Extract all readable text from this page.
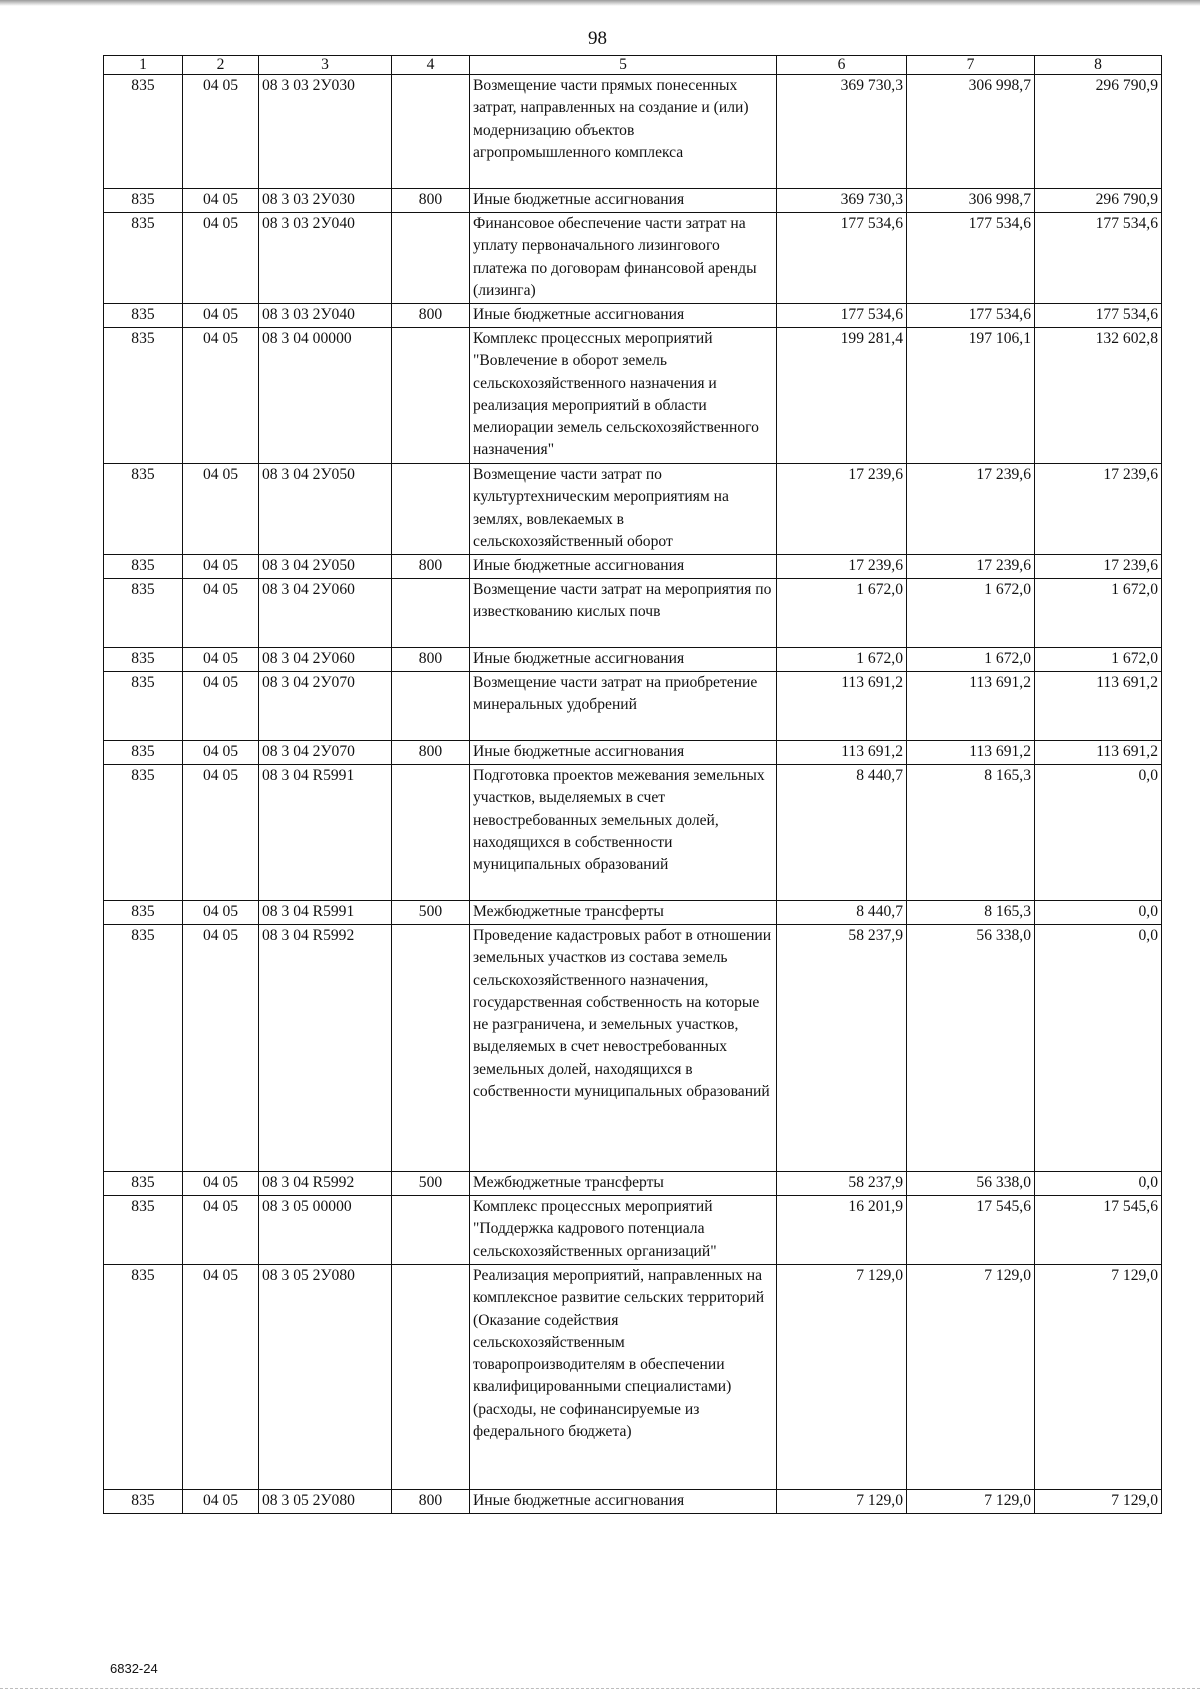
98
1	2	3	4	5	6	7	8
835	04 05	08 3 03 2У030		Возмещение части прямых понесенных затрат, направленных на создание и (или) модернизацию объектов агропромышленного комплекса	369 730,3	306 998,7	296 790,9
835	04 05	08 3 03 2У030	800	Иные бюджетные ассигнования	369 730,3	306 998,7	296 790,9
835	04 05	08 3 03 2У040		Финансовое обеспечение части затрат на уплату первоначального лизингового платежа по договорам финансовой аренды (лизинга)	177 534,6	177 534,6	177 534,6
835	04 05	08 3 03 2У040	800	Иные бюджетные ассигнования	177 534,6	177 534,6	177 534,6
835	04 05	08 3 04 00000		Комплекс процессных мероприятий "Вовлечение в оборот земель сельскохозяйственного назначения и реализация мероприятий в области мелиорации земель сельскохозяйственного назначения"	199 281,4	197 106,1	132 602,8
835	04 05	08 3 04 2У050		Возмещение части затрат по культуртехническим мероприятиям на землях, вовлекаемых в сельскохозяйственный оборот	17 239,6	17 239,6	17 239,6
835	04 05	08 3 04 2У050	800	Иные бюджетные ассигнования	17 239,6	17 239,6	17 239,6
835	04 05	08 3 04 2У060		Возмещение части затрат на мероприятия по известкованию кислых почв	1 672,0	1 672,0	1 672,0
835	04 05	08 3 04 2У060	800	Иные бюджетные ассигнования	1 672,0	1 672,0	1 672,0
835	04 05	08 3 04 2У070		Возмещение части затрат на приобретение минеральных удобрений	113 691,2	113 691,2	113 691,2
835	04 05	08 3 04 2У070	800	Иные бюджетные ассигнования	113 691,2	113 691,2	113 691,2
835	04 05	08 3 04 R5991		Подготовка проектов межевания земельных участков, выделяемых в счет невостребованных земельных долей, находящихся в собственности муниципальных образований	8 440,7	8 165,3	0,0
835	04 05	08 3 04 R5991	500	Межбюджетные трансферты	8 440,7	8 165,3	0,0
835	04 05	08 3 04 R5992		Проведение кадастровых работ в отношении земельных участков из состава земель сельскохозяйственного назначения, государственная собственность на которые не разграничена, и земельных участков, выделяемых в счет невостребованных земельных долей, находящихся в собственности муниципальных образований	58 237,9	56 338,0	0,0
835	04 05	08 3 04 R5992	500	Межбюджетные трансферты	58 237,9	56 338,0	0,0
835	04 05	08 3 05 00000		Комплекс процессных мероприятий "Поддержка кадрового потенциала сельскохозяйственных организаций"	16 201,9	17 545,6	17 545,6
835	04 05	08 3 05 2У080		Реализация мероприятий, направленных на комплексное развитие сельских территорий (Оказание содействия сельскохозяйственным товаропроизводителям в обеспечении квалифицированными специалистами) (расходы, не софинансируемые из федерального бюджета)	7 129,0	7 129,0	7 129,0
835	04 05	08 3 05 2У080	800	Иные бюджетные ассигнования	7 129,0	7 129,0	7 129,0
6832-24
